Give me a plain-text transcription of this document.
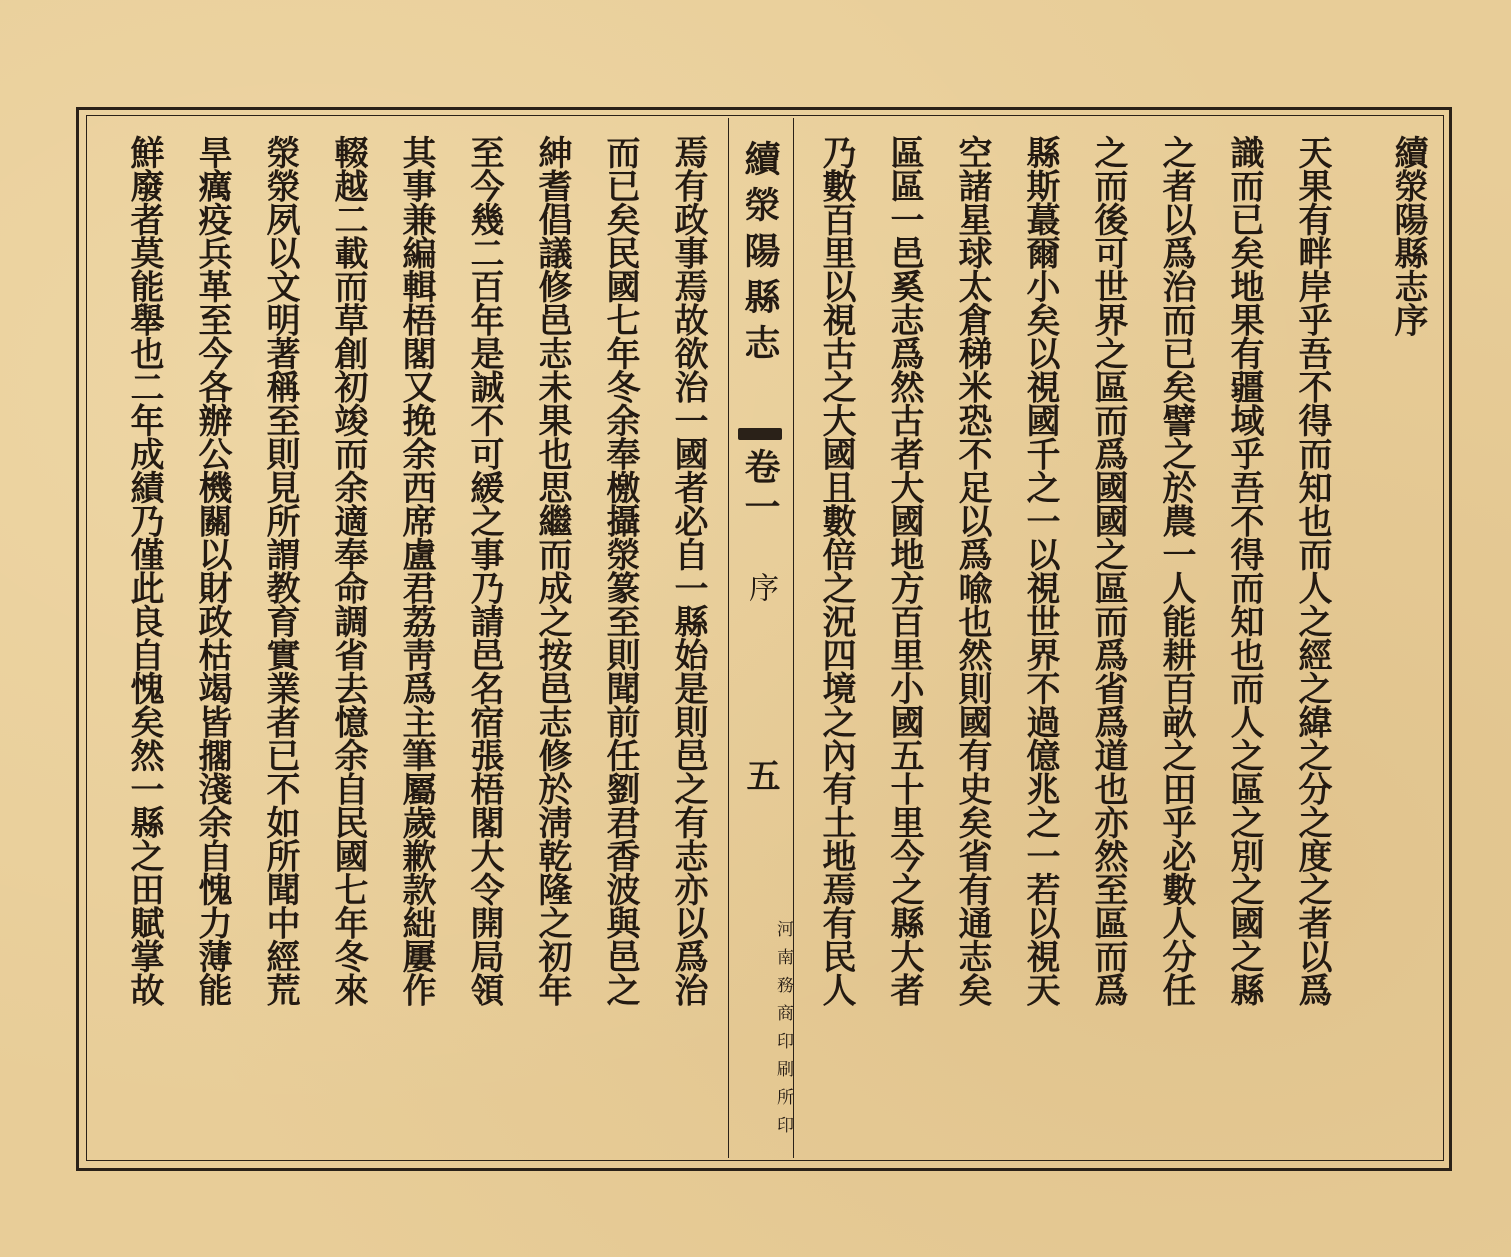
續滎陽縣志序
天果有畔岸乎吾不得而知也而人之經之緯之分之度之者以爲
識而已矣地果有疆域乎吾不得而知也而人之區之別之國之縣
之者以爲治而已矣譬之於農一人能耕百畝之田乎必數人分任
之而後可世界之區而爲國國之區而爲省爲道也亦然至區而爲
縣斯蕞爾小矣以視國千之一以視世界不過億兆之一若以視天
空諸星球太倉稊米恐不足以爲喩也然則國有史矣省有通志矣
區區一邑奚志爲然古者大國地方百里小國五十里今之縣大者
乃數百里以視古之大國且數倍之況四境之內有土地焉有民人
續滎陽縣志
卷一
序
五
河南務商印刷所印
焉有政事焉故欲治一國者必自一縣始是則邑之有志亦以爲治
而已矣民國七年冬余奉檄攝滎篆至則聞前任劉君香波與邑之
紳耆倡議修邑志未果也思繼而成之按邑志修於淸乾隆之初年
至今幾二百年是誠不可緩之事乃請邑名宿張梧閣大令開局領
其事兼編輯梧閣又挽余西席盧君荔靑爲主筆屬歲歉款絀屢作
輟越二載而草創初竣而余適奉命調省去憶余自民國七年冬來
滎滎夙以文明著稱至則見所謂教育實業者已不如所聞中經荒
旱癘疫兵革至今各辦公機關以財政枯竭皆擱淺余自愧力薄能
鮮廢者莫能舉也二年成績乃僅此良自愧矣然一縣之田賦掌故
